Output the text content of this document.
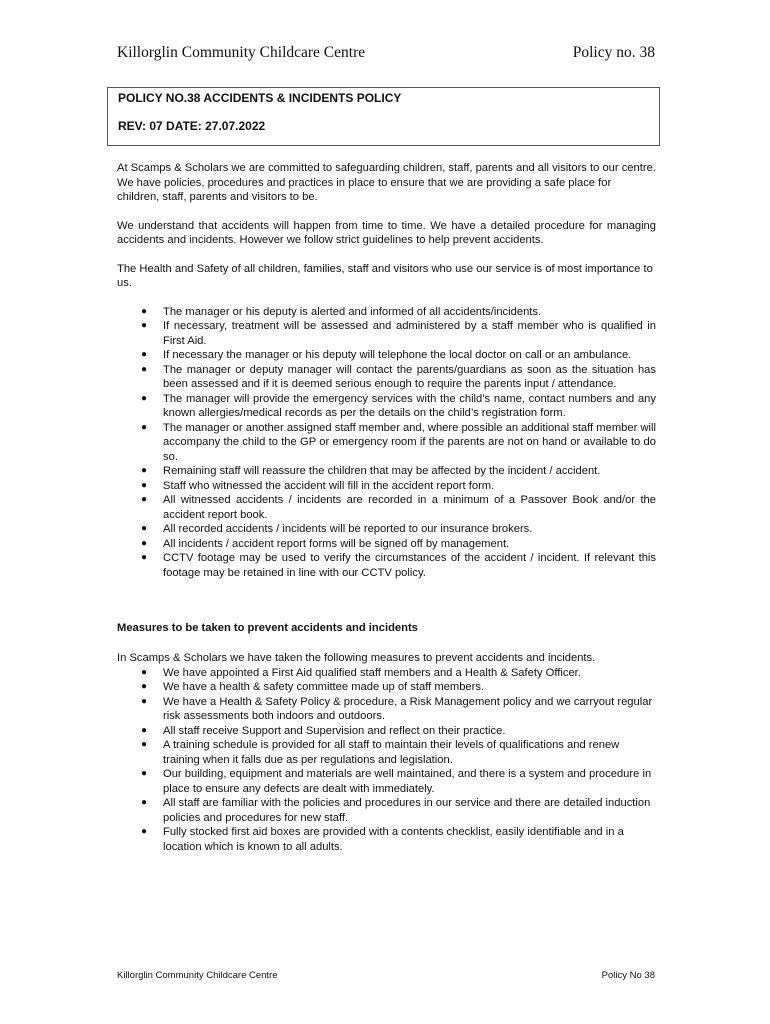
Killorglin Community Childcare Centre	Policy no. 38
POLICY NO.38 ACCIDENTS & INCIDENTS POLICY
REV: 07 DATE: 27.07.2022

At Scamps & Scholars we are committed to safeguarding children, staff, parents and all visitors to our centre. We have policies, procedures and practices in place to ensure that we are providing a safe place for children, staff, parents and visitors to be.

We understand that accidents will happen from time to time. We have a detailed procedure for managing accidents and incidents. However we follow strict guidelines to help prevent accidents.

The Health and Safety of all children, families, staff and visitors who use our service is of most importance to us.

● The manager or his deputy is alerted and informed of all accidents/incidents.
● If necessary, treatment will be assessed and administered by a staff member who is qualified in First Aid.
● If necessary the manager or his deputy will telephone the local doctor on call or an ambulance.
● The manager or deputy manager will contact the parents/guardians as soon as the situation has been assessed and if it is deemed serious enough to require the parents input / attendance.
● The manager will provide the emergency services with the child’s name, contact numbers and any known allergies/medical records as per the details on the child’s registration form.
● The manager or another assigned staff member and, where possible an additional staff member will accompany the child to the GP or emergency room if the parents are not on hand or available to do so.
● Remaining staff will reassure the children that may be affected by the incident / accident.
● Staff who witnessed the accident will fill in the accident report form.
● All witnessed accidents / incidents are recorded in a minimum of a Passover Book and/or the accident report book.
● All recorded accidents / incidents will be reported to our insurance brokers.
● All incidents / accident report forms will be signed off by management.
● CCTV footage may be used to verify the circumstances of the accident / incident. If relevant this footage may be retained in line with our CCTV policy.
Measures to be taken to prevent accidents and incidents

In Scamps & Scholars we have taken the following measures to prevent accidents and incidents.

● We have appointed a First Aid qualified staff members and a Health & Safety Officer.
● We have a health & safety committee made up of staff members.
● We have a Health & Safety Policy & procedure, a Risk Management policy and we carryout regular risk assessments both indoors and outdoors.
● All staff receive Support and Supervision and reflect on their practice.
● A training schedule is provided for all staff to maintain their levels of qualifications and renew training when it falls due as per regulations and legislation.
● Our building, equipment and materials are well maintained, and there is a system and procedure in place to ensure any defects are dealt with immediately.
● All staff are familiar with the policies and procedures in our service and there are detailed induction policies and procedures for new staff.
● Fully stocked first aid boxes are provided with a contents checklist, easily identifiable and in a location which is known to all adults.
Killorglin Community Childcare Centre	Policy No 38
